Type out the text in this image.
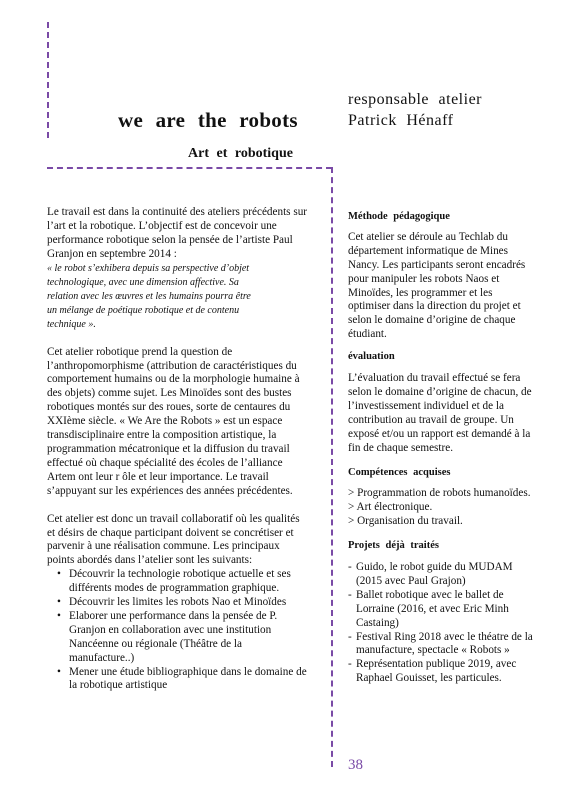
we are the robots
Art et robotique
responsable atelier
Patrick Hénaff

Le travail est dans la continuité des ateliers précédents sur l’art et la robotique. L’objectif est de concevoir une performance robotique selon la pensée de l’artiste Paul Granjon en septembre 2014 :

« le robot s’exhibera depuis sa perspective d’objet
technologique, avec une dimension affective. Sa
relation avec les œuvres et les humains pourra être
un mélange de poétique robotique et de contenu
technique ».

Cet atelier robotique prend la question de l’anthropomorphisme (attribution de caractéristiques du comportement humains ou de la morphologie humaine à des objets) comme sujet. Les Minoïdes sont des bustes robotiques montés sur des roues, sorte de centaures du XXIème siècle. « We Are the Robots » est un espace transdisciplinaire entre la composition artistique, la programmation mécatronique et la diffusion du travail effectué où chaque spécialité des écoles de l’alliance Artem ont leur r ôle et leur importance. Le travail s’appuyant sur les expériences des années précédentes.

Cet atelier est donc un travail collaboratif où les qualités et désirs de chaque participant doivent se concrétiser et parvenir à une réalisation commune. Les principaux points abordés dans l’atelier sont les suivants:

• Découvrir la technologie robotique actuelle et ses différents modes de programmation graphique.
• Découvrir les limites les robots Nao et Minoïdes
• Elaborer une performance dans la pensée de P. Granjon en collaboration avec une institution Nancéenne ou régionale (Théâtre de la manufacture..)
• Mener une étude bibliographique dans le domaine de la robotique artistique
Méthode pédagogique

Cet atelier se déroule au Techlab du département informatique de Mines Nancy. Les participants seront encadrés pour manipuler les robots Naos et Minoïdes, les programmer et les optimiser dans la direction du projet et selon le domaine d’origine de chaque étudiant.

évaluation

L’évaluation du travail effectué se fera selon le domaine d’origine de chacun, de l’investissement individuel et de la contribution au travail de groupe. Un exposé et/ou un rapport est demandé à la fin de chaque semestre.

Compétences acquises
> Programmation de robots humanoïdes.
> Art électronique.
> Organisation du travail.
Projets déjà traités
- Guido, le robot guide du MUDAM (2015 avec Paul Grajon)
- Ballet robotique avec le ballet de Lorraine (2016, et avec Eric Minh Castaing)
- Festival Ring 2018 avec le théatre de la manufacture, spectacle « Robots »
- Représentation publique 2019, avec Raphael Gouisset, les particules.
38
